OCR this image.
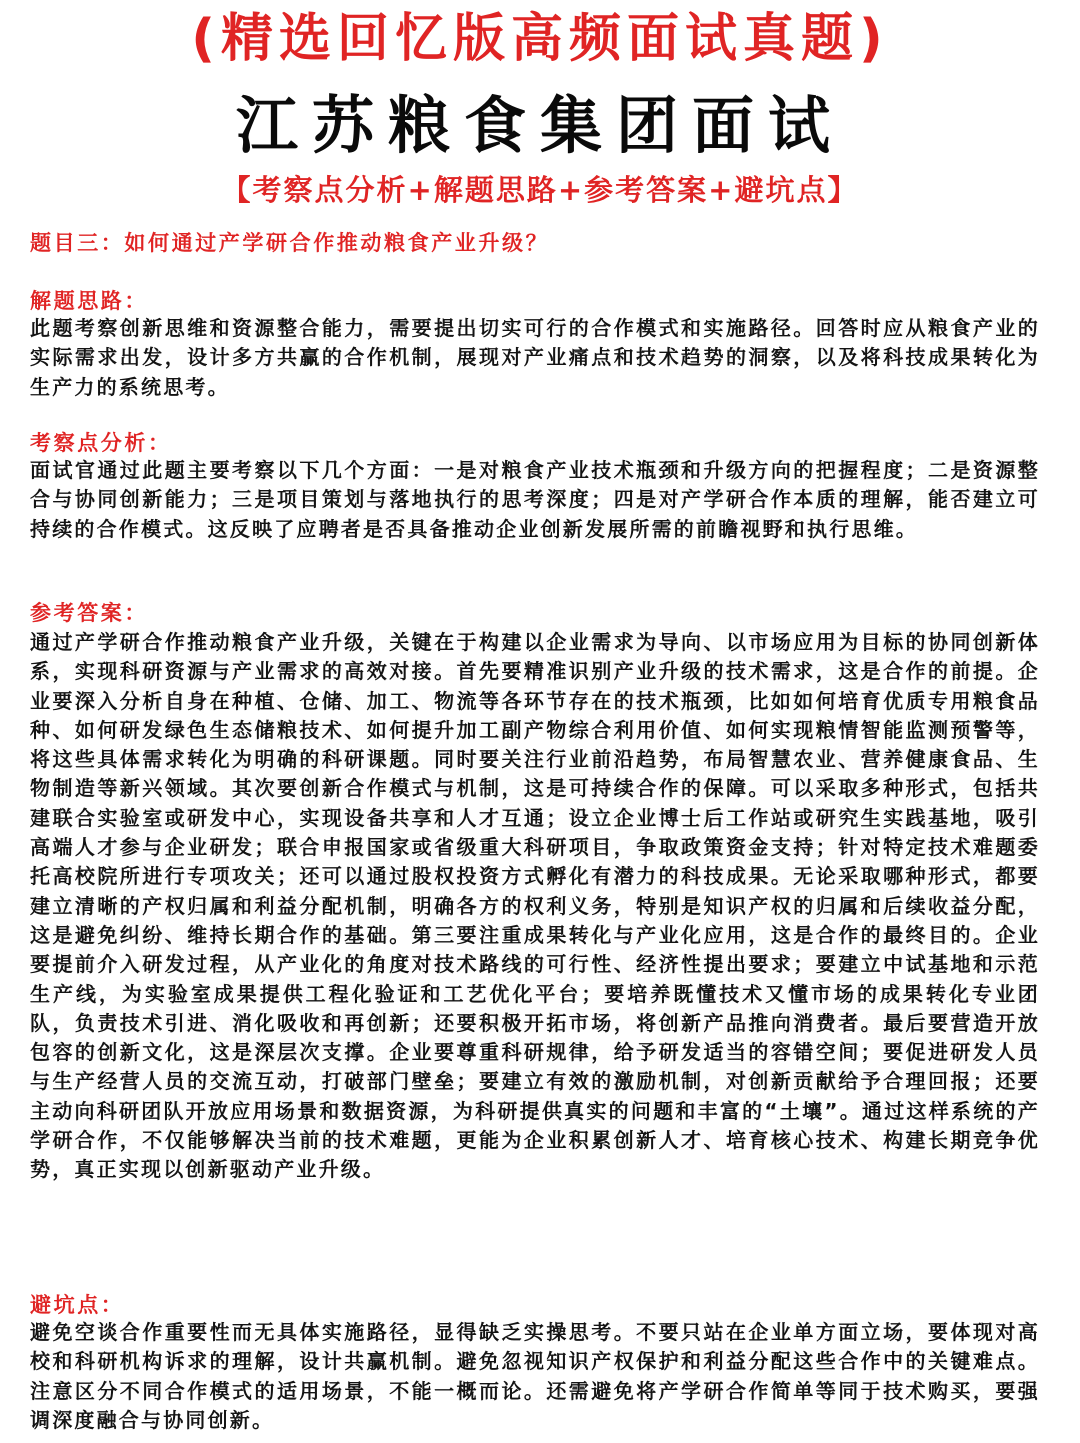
(精选回忆版高频面试真题)
江苏粮食集团面试
【考察点分析+解题思路+参考答案+避坑点】
题目三：如何通过产学研合作推动粮食产业升级？
解题思路：
此题考察创新思维和资源整合能力，需要提出切实可行的合作模式和实施路径。回答时应从粮食产业的实际需求出发，设计多方共赢的合作机制，展现对产业痛点和技术趋势的洞察，以及将科技成果转化为生产力的系统思考。
考察点分析：
面试官通过此题主要考察以下几个方面：一是对粮食产业技术瓶颈和升级方向的把握程度；二是资源整合与协同创新能力；三是项目策划与落地执行的思考深度；四是对产学研合作本质的理解，能否建立可持续的合作模式。这反映了应聘者是否具备推动企业创新发展所需的前瞻视野和执行思维。
参考答案：
通过产学研合作推动粮食产业升级，关键在于构建以企业需求为导向、以市场应用为目标的协同创新体系，实现科研资源与产业需求的高效对接。首先要精准识别产业升级的技术需求，这是合作的前提。企业要深入分析自身在种植、仓储、加工、物流等各环节存在的技术瓶颈，比如如何培育优质专用粮食品种、如何研发绿色生态储粮技术、如何提升加工副产物综合利用价值、如何实现粮情智能监测预警等，将这些具体需求转化为明确的科研课题。同时要关注行业前沿趋势，布局智慧农业、营养健康食品、生物制造等新兴领域。其次要创新合作模式与机制，这是可持续合作的保障。可以采取多种形式，包括共建联合实验室或研发中心，实现设备共享和人才互通；设立企业博士后工作站或研究生实践基地，吸引高端人才参与企业研发；联合申报国家或省级重大科研项目，争取政策资金支持；针对特定技术难题委托高校院所进行专项攻关；还可以通过股权投资方式孵化有潜力的科技成果。无论采取哪种形式，都要建立清晰的产权归属和利益分配机制，明确各方的权利义务，特别是知识产权的归属和后续收益分配，这是避免纠纷、维持长期合作的基础。第三要注重成果转化与产业化应用，这是合作的最终目的。企业要提前介入研发过程，从产业化的角度对技术路线的可行性、经济性提出要求；要建立中试基地和示范生产线，为实验室成果提供工程化验证和工艺优化平台；要培养既懂技术又懂市场的成果转化专业团队，负责技术引进、消化吸收和再创新；还要积极开拓市场，将创新产品推向消费者。最后要营造开放包容的创新文化，这是深层次支撑。企业要尊重科研规律，给予研发适当的容错空间；要促进研发人员与生产经营人员的交流互动，打破部门壁垒；要建立有效的激励机制，对创新贡献给予合理回报；还要主动向科研团队开放应用场景和数据资源，为科研提供真实的问题和丰富的“土壤”。通过这样系统的产学研合作，不仅能够解决当前的技术难题，更能为企业积累创新人才、培育核心技术、构建长期竞争优势，真正实现以创新驱动产业升级。
避坑点：
避免空谈合作重要性而无具体实施路径，显得缺乏实操思考。不要只站在企业单方面立场，要体现对高校和科研机构诉求的理解，设计共赢机制。避免忽视知识产权保护和利益分配这些合作中的关键难点。注意区分不同合作模式的适用场景，不能一概而论。还需避免将产学研合作简单等同于技术购买，要强调深度融合与协同创新。
